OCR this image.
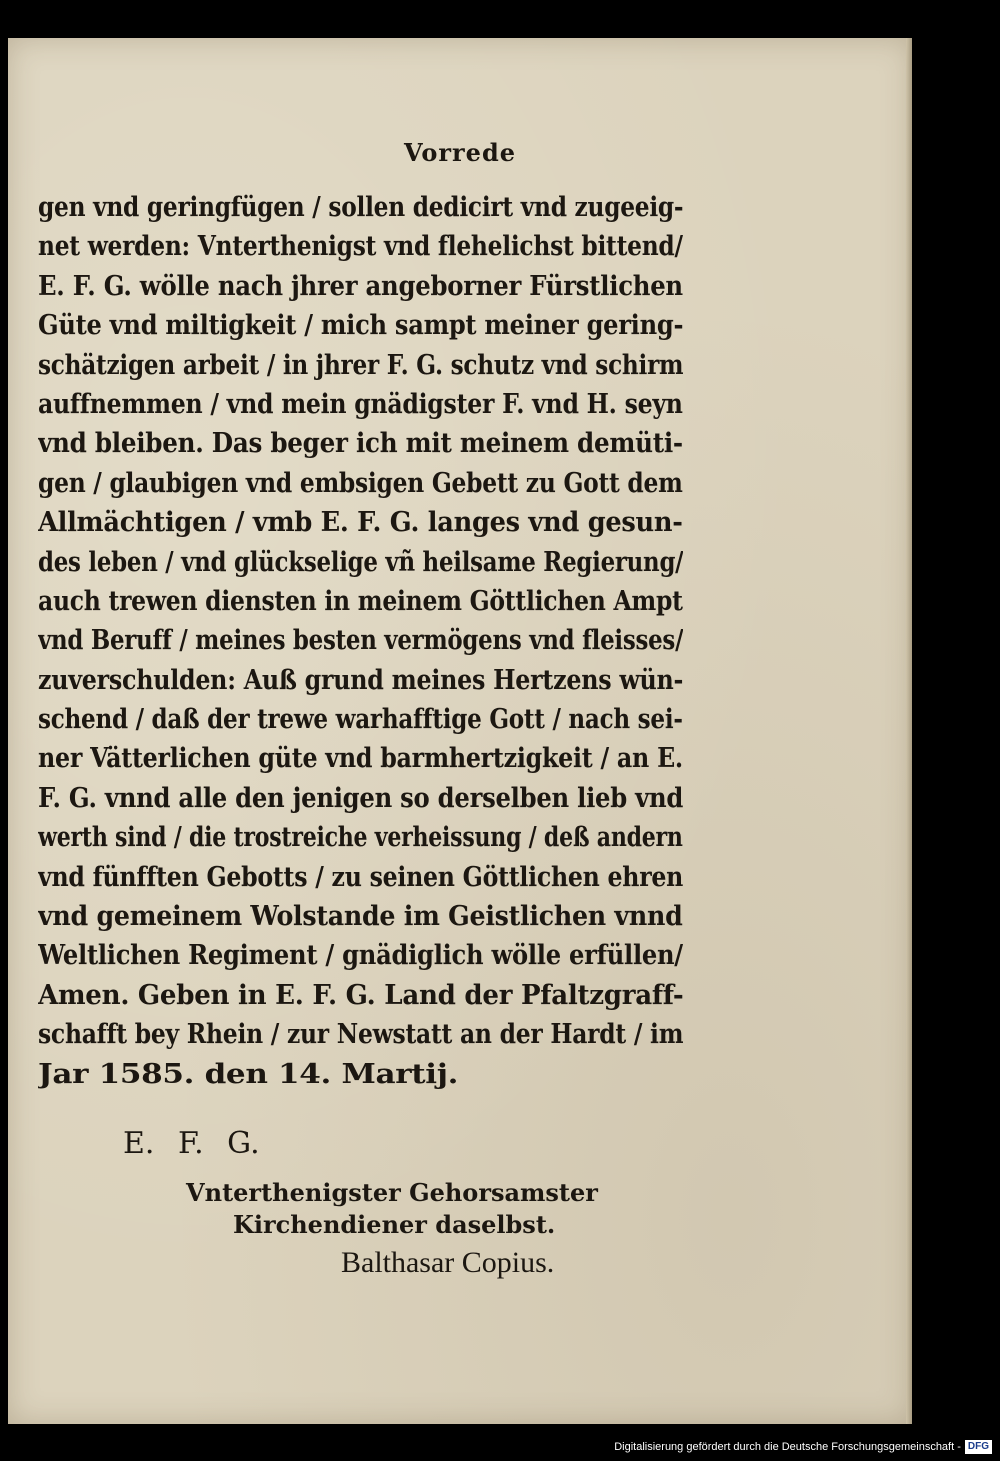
Vorrede
gen vnd geringfügen / sollen dedicirt vnd zugeeig-
net werden: Vnterthenigst vnd flehelichst bittend/
E. F. G. wölle nach jhrer angeborner Fürstlichen
Güte vnd miltigkeit / mich sampt meiner gering-
schätzigen arbeit / in jhrer F. G. schutz vnd schirm
auffnemmen / vnd mein gnädigster F. vnd H. seyn
vnd bleiben. Das beger ich mit meinem demüti-
gen / glaubigen vnd embsigen Gebett zu Gott dem
Allmächtigen / vmb E. F. G. langes vnd gesun-
des leben / vnd glückselige vñ heilsame Regierung/
auch trewen diensten in meinem Göttlichen Ampt
vnd Beruff / meines besten vermögens vnd fleisses/
zuverschulden: Auß grund meines Hertzens wün-
schend / daß der trewe warhafftige Gott / nach sei-
ner Vätterlichen güte vnd barmhertzigkeit / an E.
F. G. vnnd alle den jenigen so derselben lieb vnd
werth sind / die trostreiche verheissung / deß andern
vnd fünfften Gebotts / zu seinen Göttlichen ehren
vnd gemeinem Wolstande im Geistlichen vnnd
Weltlichen Regiment / gnädiglich wölle erfüllen/
Amen. Geben in E. F. G. Land der Pfaltzgraff-
schafft bey Rhein / zur Newstatt an der Hardt / im
Jar 1585. den 14. Martij.
E. F. G.
Vnterthenigster Gehorsamster
Kirchendiener daselbst.
Balthasar Copius.
Digitalisierung gefördert durch die Deutsche Forschungsgemeinschaft - DFG
